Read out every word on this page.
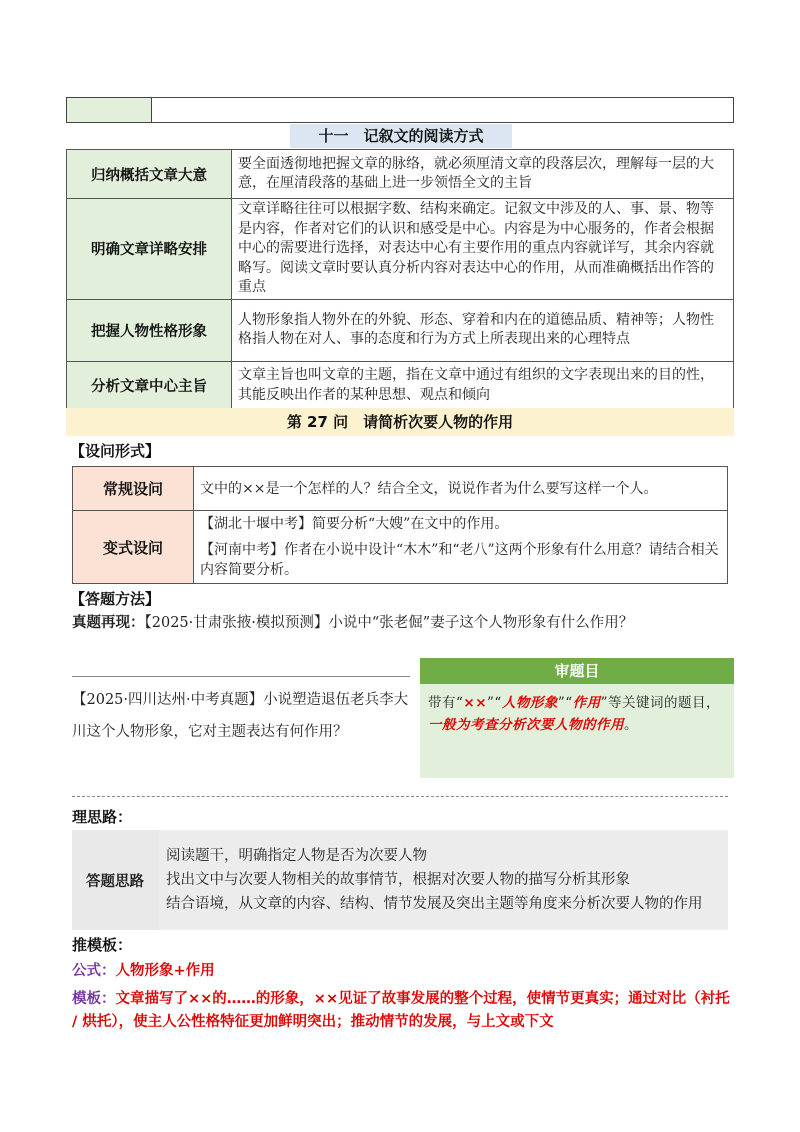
十一　记叙文的阅读方式
归纳概括文章大意	要全面透彻地把握文章的脉络，就必须厘清文章的段落层次，理解每一层的大意，在厘清段落的基础上进一步领悟全文的主旨
明确文章详略安排	文章详略往往可以根据字数、结构来确定。记叙文中涉及的人、事、景、物等是内容，作者对它们的认识和感受是中心。内容是为中心服务的，作者会根据中心的需要进行选择，对表达中心有主要作用的重点内容就详写，其余内容就略写。阅读文章时要认真分析内容对表达中心的作用，从而准确概括出作答的重点
把握人物性格形象	人物形象指人物外在的外貌、形态、穿着和内在的道德品质、精神等；人物性格指人物在对人、事的态度和行为方式上所表现出来的心理特点
分析文章中心主旨	文章主旨也叫文章的主题，指在文章中通过有组织的文字表现出来的目的性，其能反映出作者的某种思想、观点和倾向
第 27 问　请简析次要人物的作用
【设问形式】
常规设问	文中的××是一个怎样的人？结合全文，说说作者为什么要写这样一个人。
变式设问	【湖北十堰中考】简要分析“大嫂”在文中的作用。
【河南中考】作者在小说中设计“木木”和“老八”这两个形象有什么用意？请结合相关内容简要分析。
【答题方法】
真题再现：【2025·甘肃张掖·模拟预测】小说中“张老倔”妻子这个人物形象有什么作用？
【2025·四川达州·中考真题】小说塑造退伍老兵李大川这个人物形象，它对主题表达有何作用？
审题目
带有“××”“人物形象”“作用”等关键词的题目，一般为考查分析次要人物的作用。
理思路：
答题思路	
阅读题干，明确指定人物是否为次要人物
找出文中与次要人物相关的故事情节，根据对次要人物的描写分析其形象
结合语境，从文章的内容、结构、情节发展及突出主题等角度来分析次要人物的作用
推模板：
公式：人物形象+作用
模板：文章描写了××的……的形象，××见证了故事发展的整个过程，使情节更真实；通过对比（衬托 / 烘托），使主人公性格特征更加鲜明突出；推动情节的发展，与上文或下文
